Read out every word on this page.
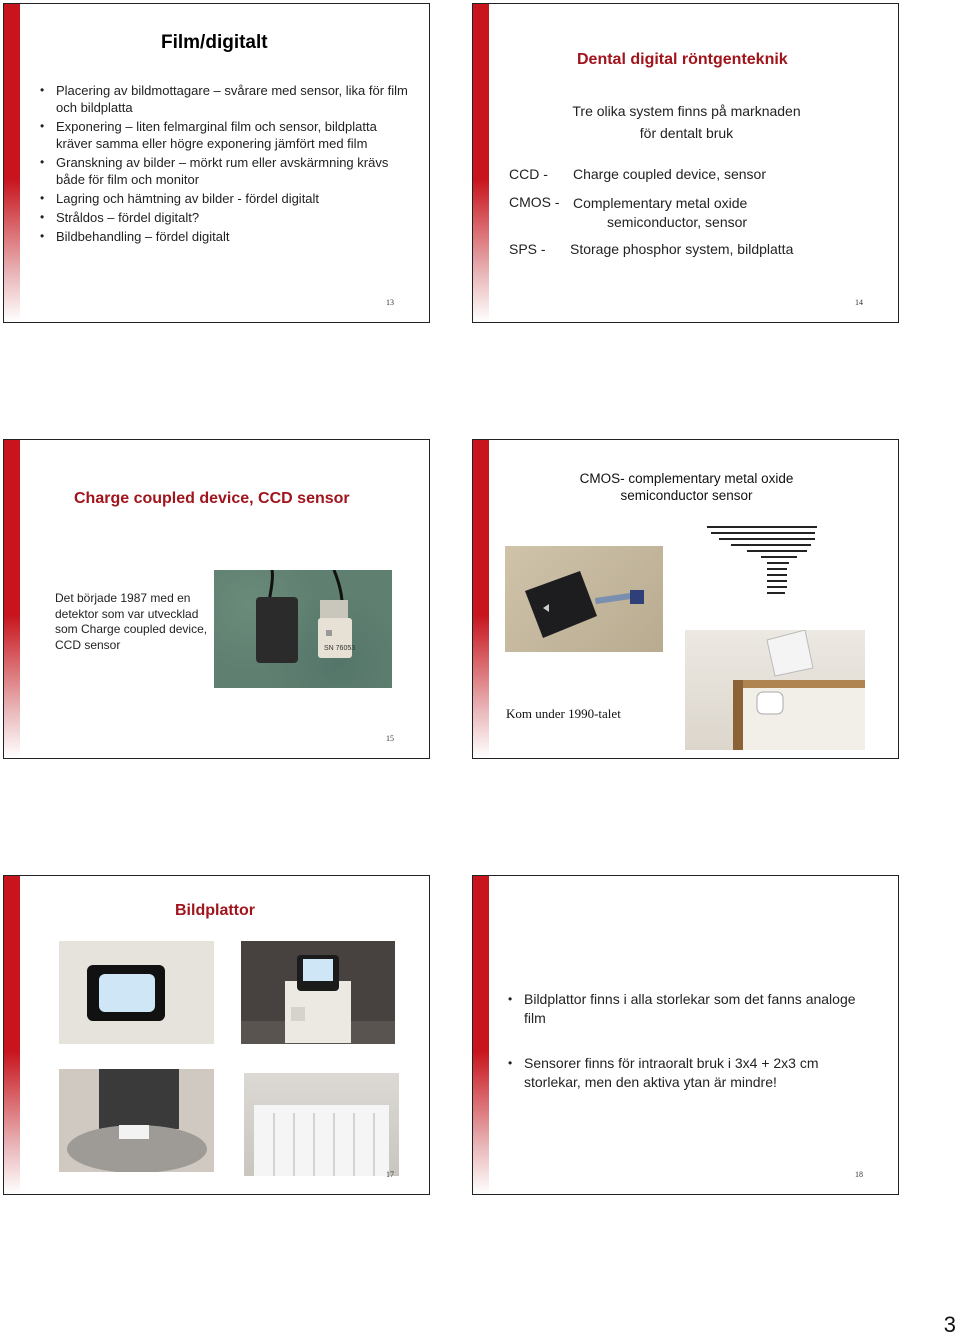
Film/digitalt
• Placering av bildmottagare – svårare med sensor, lika för film och bildplatta
• Exponering – liten felmarginal film och sensor, bildplatta kräver samma eller högre exponering jämfört med film
• Granskning av bilder – mörkt rum eller avskärmning krävs både för film och monitor
• Lagring och hämtning av bilder - fördel digitalt
• Stråldos – fördel digitalt?
• Bildbehandling – fördel digitalt
13
Dental digital röntgenteknik
Tre olika system finns på marknaden
för dentalt bruk
CCD - Charge coupled device, sensor
CMOS - Complementary metal oxide
semiconductor, sensor
SPS - Storage phosphor system, bildplatta
14
Charge coupled device, CCD sensor
Det började 1987 med en detektor som var utvecklad som Charge coupled device, CCD sensor	SN 76053
15
CMOS- complementary metal oxide
semiconductor sensor
Kom under 1990-talet
Bildplattor
17
• Bildplattor finns i alla storlekar som det fanns analoge film
• Sensorer finns för intraoralt bruk i 3x4 + 2x3 cm storlekar, men den aktiva ytan är mindre!
18
3
